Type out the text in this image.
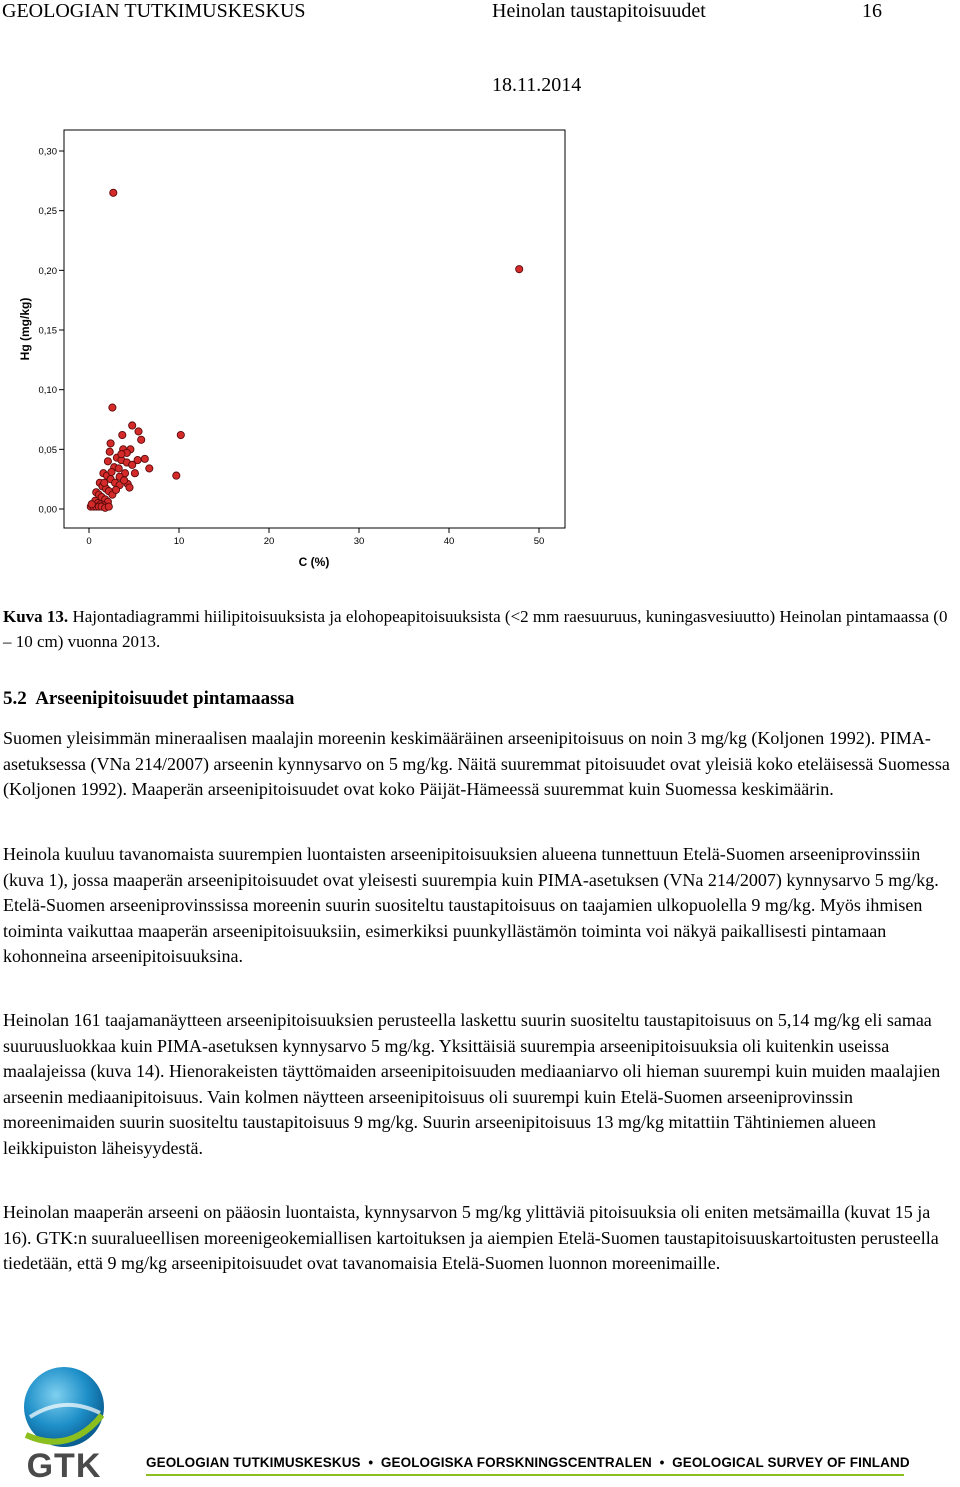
GEOLOGIAN TUTKIMUSKESKUS	Heinolan taustapitoisuudet	16
18.11.2014
0,00
0,05
0,10
0,15
0,20
0,25
0,30
0	10	20	30	40	50
C (%)
Hg (mg/kg)
Kuva 13. Hajontadiagrammi hiilipitoisuuksista ja elohopeapitoisuuksista (<2 mm raesuuruus, kuningasvesiuutto) Heinolan pintamaassa (0 – 10 cm) vuonna 2013.
5.2  Arseenipitoisuudet pintamaassa

Suomen yleisimmän mineraalisen maalajin moreenin keskimääräinen arseenipitoisuus on noin 3 mg/kg (Koljonen 1992). PIMA-asetuksessa (VNa 214/2007) arseenin kynnysarvo on 5 mg/kg. Näitä suuremmat pitoisuudet ovat yleisiä koko eteläisessä Suomessa (Koljonen 1992). Maaperän arseenipitoisuudet ovat koko Päijät-Hämeessä suuremmat kuin Suomessa keskimäärin.

Heinola kuuluu tavanomaista suurempien luontaisten arseenipitoisuuksien alueena tunnettuun Etelä-Suomen arseeniprovinssiin (kuva 1), jossa maaperän arseenipitoisuudet ovat yleisesti suurempia kuin PIMA-asetuksen (VNa 214/2007) kynnysarvo 5 mg/kg. Etelä-Suomen arseeniprovinssissa moreenin suurin suositeltu taustapitoisuus on taajamien ulkopuolella 9 mg/kg. Myös ihmisen toiminta vaikuttaa maaperän arseenipitoisuuksiin, esimerkiksi puunkyllästämön toiminta voi näkyä paikallisesti pintamaan kohonneina arseenipitoisuuksina.

Heinolan 161 taajamanäytteen arseenipitoisuuksien perusteella laskettu suurin suositeltu taustapitoisuus on 5,14 mg/kg eli samaa suuruusluokkaa kuin PIMA-asetuksen kynnysarvo 5 mg/kg. Yksittäisiä suurempia arseenipitoisuuksia oli kuitenkin useissa maalajeissa (kuva 14). Hienorakeisten täyttömaiden arseenipitoisuuden mediaaniarvo oli hieman suurempi kuin muiden maalajien arseenin mediaanipitoisuus. Vain kolmen näytteen arseenipitoisuus oli suurempi kuin Etelä-Suomen arseeniprovinssin moreenimaiden suurin suositeltu taustapitoisuus 9 mg/kg. Suurin arseenipitoisuus 13 mg/kg mitattiin Tähtiniemen alueen leikkipuiston läheisyydestä.

Heinolan maaperän arseeni on pääosin luontaista, kynnysarvon 5 mg/kg ylittäviä pitoisuuksia oli eniten metsämailla (kuvat 15 ja 16). GTK:n suuralueellisen moreenigeokemiallisen kartoituksen ja aiempien Etelä-Suomen taustapitoisuuskartoitusten perusteella tiedetään, että 9 mg/kg arseenipitoisuudet ovat tavanomaisia Etelä-Suomen luonnon moreenimaille.

GTK	GEOLOGIAN TUTKIMUSKESKUS  •  GEOLOGISKA FORSKNINGSCENTRALEN  •  GEOLOGICAL SURVEY OF FINLAND
